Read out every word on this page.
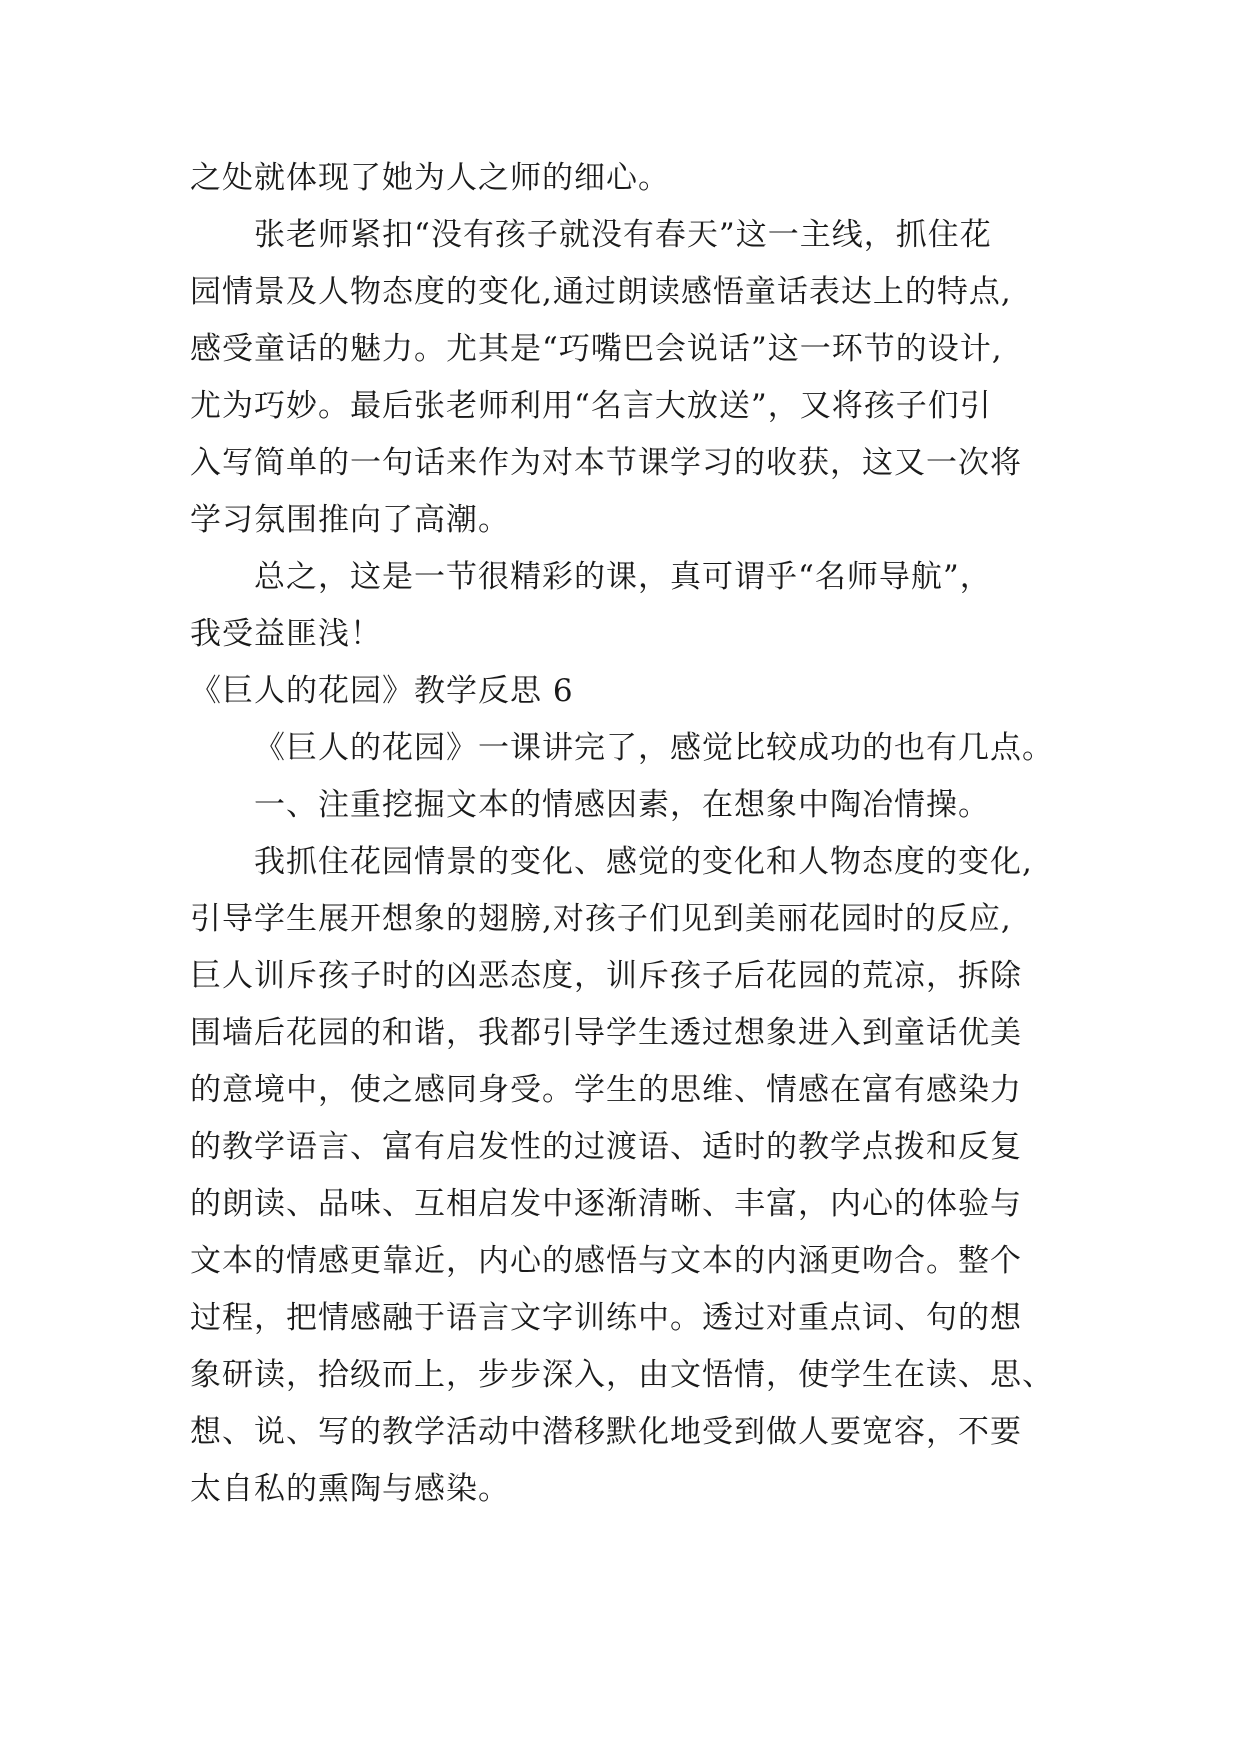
之处就体现了她为人之师的细心。
张老师紧扣“没有孩子就没有春天”这一主线，抓住花
园情景及人物态度的变化,通过朗读感悟童话表达上的特点,
感受童话的魅力。尤其是“巧嘴巴会说话”这一环节的设计,
尤为巧妙。最后张老师利用“名言大放送”，又将孩子们引
入写简单的一句话来作为对本节课学习的收获，这又一次将
学习氛围推向了高潮。
总之，这是一节很精彩的课，真可谓乎“名师导航”，
我受益匪浅！
《巨人的花园》教学反思 6
《巨人的花园》一课讲完了，感觉比较成功的也有几点。
一、注重挖掘文本的情感因素，在想象中陶冶情操。
我抓住花园情景的变化、感觉的变化和人物态度的变化,
引导学生展开想象的翅膀,对孩子们见到美丽花园时的反应,
巨人训斥孩子时的凶恶态度，训斥孩子后花园的荒凉，拆除
围墙后花园的和谐，我都引导学生透过想象进入到童话优美
的意境中，使之感同身受。学生的思维、情感在富有感染力
的教学语言、富有启发性的过渡语、适时的教学点拨和反复
的朗读、品味、互相启发中逐渐清晰、丰富，内心的体验与
文本的情感更靠近，内心的感悟与文本的内涵更吻合。整个
过程，把情感融于语言文字训练中。透过对重点词、句的想
象研读，拾级而上，步步深入，由文悟情，使学生在读、思、
想、说、写的教学活动中潜移默化地受到做人要宽容，不要
太自私的熏陶与感染。
